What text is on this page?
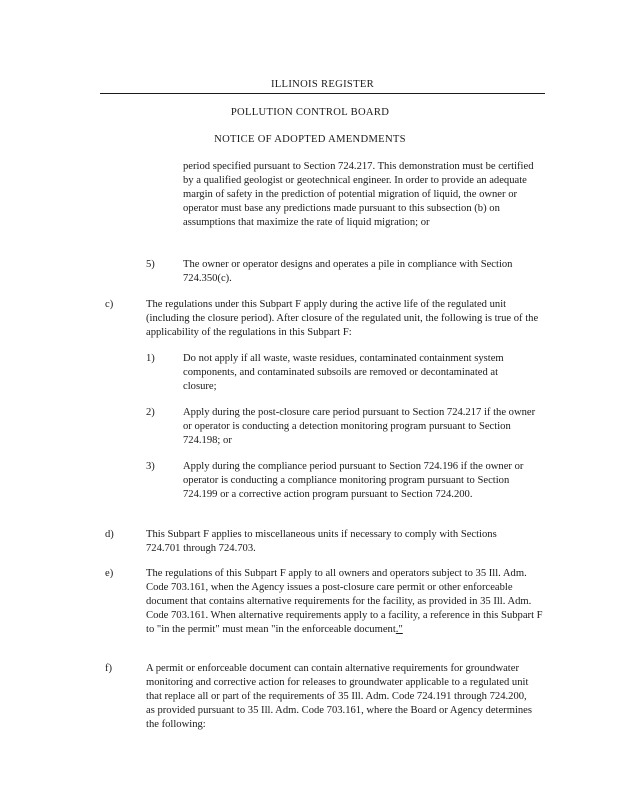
ILLINOIS REGISTER
POLLUTION CONTROL BOARD
NOTICE OF ADOPTED AMENDMENTS

period specified pursuant to Section 724.217. This demonstration must be certified by a qualified geologist or geotechnical engineer. In order to provide an adequate margin of safety in the prediction of potential migration of liquid, the owner or operator must base any predictions made pursuant to this subsection (b) on assumptions that maximize the rate of liquid migration; or

5)	The owner or operator designs and operates a pile in compliance with Section 724.350(c).

c)	The regulations under this Subpart F apply during the active life of the regulated unit (including the closure period). After closure of the regulated unit, the following is true of the applicability of the regulations in this Subpart F:

1)	Do not apply if all waste, waste residues, contaminated containment system components, and contaminated subsoils are removed or decontaminated at closure;

2)	Apply during the post-closure care period pursuant to Section 724.217 if the owner or operator is conducting a detection monitoring program pursuant to Section 724.198; or

3)	Apply during the compliance period pursuant to Section 724.196 if the owner or operator is conducting a compliance monitoring program pursuant to Section 724.199 or a corrective action program pursuant to Section 724.200.

d)	This Subpart F applies to miscellaneous units if necessary to comply with Sections 724.701 through 724.703.

e)	The regulations of this Subpart F apply to all owners and operators subject to 35 Ill. Adm. Code 703.161, when the Agency issues a post-closure care permit or other enforceable document that contains alternative requirements for the facility, as provided in 35 Ill. Adm. Code 703.161. When alternative requirements apply to a facility, a reference in this Subpart F to "in the permit" must mean "in the enforceable document."

f)	A permit or enforceable document can contain alternative requirements for groundwater monitoring and corrective action for releases to groundwater applicable to a regulated unit that replace all or part of the requirements of 35 Ill. Adm. Code 724.191 through 724.200, as provided pursuant to 35 Ill. Adm. Code 703.161, where the Board or Agency determines the following:
